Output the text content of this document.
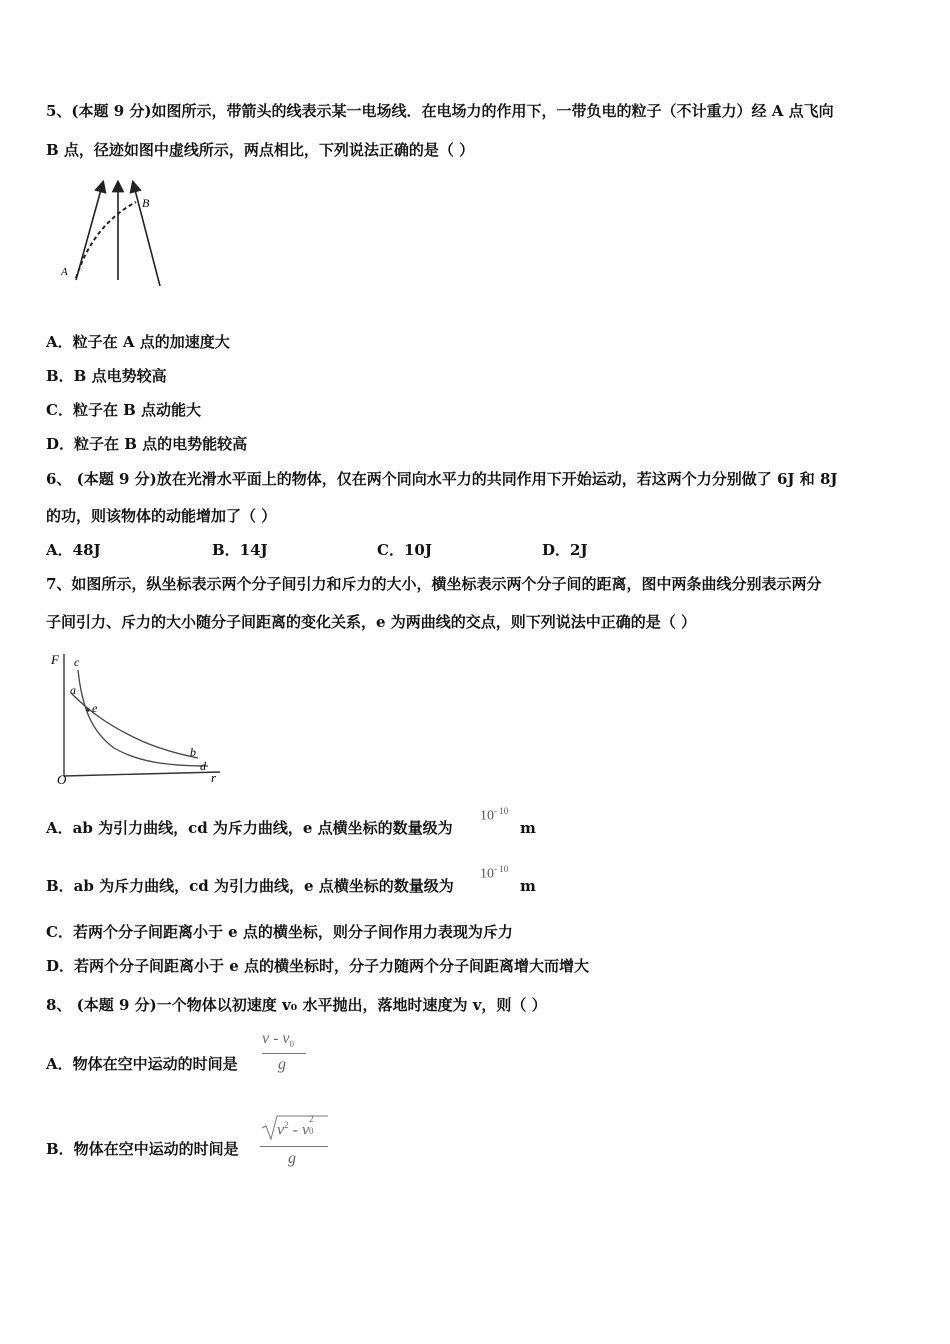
5、(本题 9 分)如图所示，带箭头的线表示某一电场线．在电场力的作用下，一带负电的粒子（不计重力）经 A 点飞向
B 点，径迹如图中虚线所示，两点相比，下列说法正确的是（ ）
A
B
A．粒子在 A 点的加速度大
B．B 点电势较高
C．粒子在 B 点动能大
D．粒子在 B 点的电势能较高
6、 (本题 9 分)放在光滑水平面上的物体，仅在两个同向水平力的共同作用下开始运动，若这两个力分别做了 6J 和 8J
的功，则该物体的动能增加了（ ）
A．48J	B．14J	C．10J	D．2J
7、如图所示，纵坐标表示两个分子间引力和斥力的大小，横坐标表示两个分子间的距离，图中两条曲线分别表示两分
子间引力、斥力的大小随分子间距离的变化关系，e 为两曲线的交点，则下列说法中正确的是（ ）
F
r
O
a
c
e
b
d
A．ab 为引力曲线，cd 为斥力曲线，e 点横坐标的数量级为
$10^{- 10}$
m
B．ab 为斥力曲线，cd 为引力曲线，e 点横坐标的数量级为
$10^{- 10}$
m
C．若两个分子间距离小于 e 点的横坐标，则分子间作用力表现为斥力
D．若两个分子间距离小于 e 点的横坐标时，分子力随两个分子间距离增大而增大
8、 (本题 9 分)一个物体以初速度 v₀ 水平抛出，落地时速度为 v，则（ ）
A．物体在空中运动的时间是
v - $v_0$
g
B．物体在空中运动的时间是
$v^2$ - v
2
0
g
